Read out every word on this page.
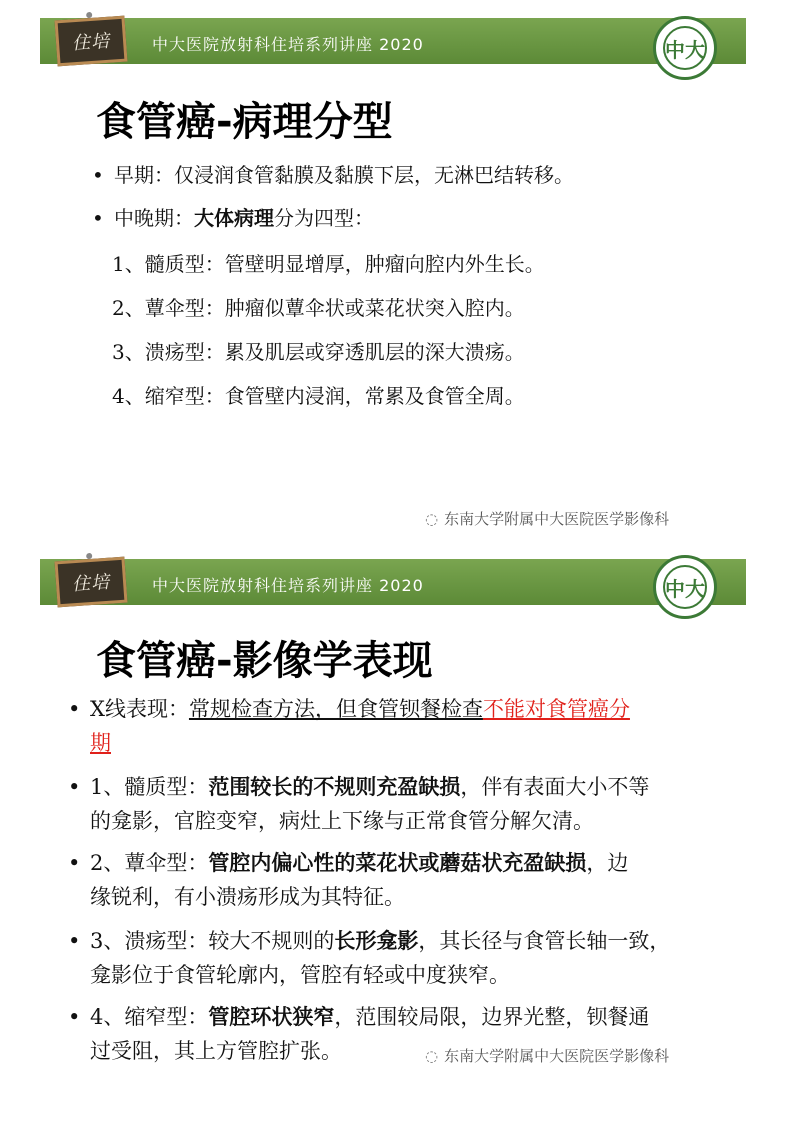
住培	中大医院放射科住培系列讲座 2020	中大
食管癌-病理分型
• 早期：仅浸润食管黏膜及黏膜下层，无淋巴结转移。
• 中晚期：大体病理分为四型：
1、髓质型：管壁明显增厚，肿瘤向腔内外生长。
2、蕈伞型：肿瘤似蕈伞状或菜花状突入腔内。
3、溃疡型：累及肌层或穿透肌层的深大溃疡。
4、缩窄型：食管壁内浸润，常累及食管全周。
◌ 东南大学附属中大医院医学影像科
住培	中大医院放射科住培系列讲座 2020	中大
食管癌-影像学表现
• X线表现：常规检查方法，但食管钡餐检查不能对食管癌分
期
• 1、髓质型：范围较长的不规则充盈缺损，伴有表面大小不等
的龛影，官腔变窄，病灶上下缘与正常食管分解欠清。
• 2、蕈伞型：管腔内偏心性的菜花状或蘑菇状充盈缺损，边
缘锐利，有小溃疡形成为其特征。
• 3、溃疡型：较大不规则的长形龛影，其长径与食管长轴一致，
龛影位于食管轮廓内，管腔有轻或中度狭窄。
• 4、缩窄型：管腔环状狭窄，范围较局限，边界光整，钡餐通
过受阻，其上方管腔扩张。	◌ 东南大学附属中大医院医学影像科
